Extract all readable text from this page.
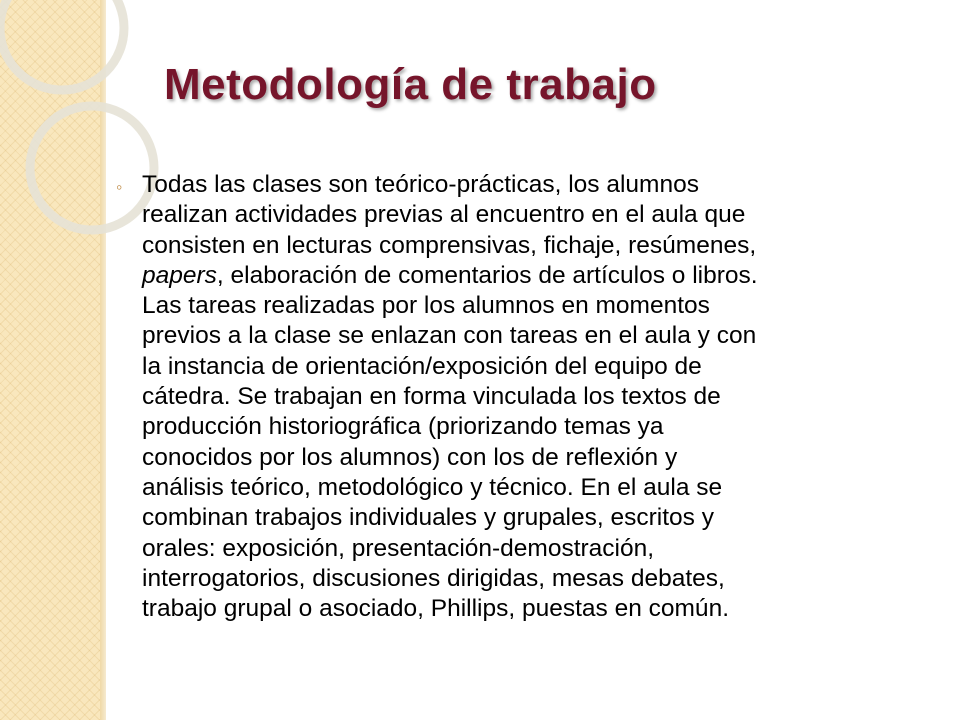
Metodología de trabajo
◦ Todas las clases son teórico-prácticas, los alumnos
realizan actividades previas al encuentro en el aula que
consisten en lecturas comprensivas, fichaje, resúmenes,
papers, elaboración de comentarios de artículos o libros.
Las tareas realizadas por los alumnos en momentos
previos a la clase se enlazan con tareas en el aula y con
la instancia de orientación/exposición del equipo de
cátedra. Se trabajan en forma vinculada los textos de
producción historiográfica (priorizando temas ya
conocidos por los alumnos) con los de reflexión y
análisis teórico, metodológico y técnico. En el aula se
combinan trabajos individuales y grupales, escritos y
orales: exposición, presentación-demostración,
interrogatorios, discusiones dirigidas, mesas debates,
trabajo grupal o asociado, Phillips, puestas en común.
